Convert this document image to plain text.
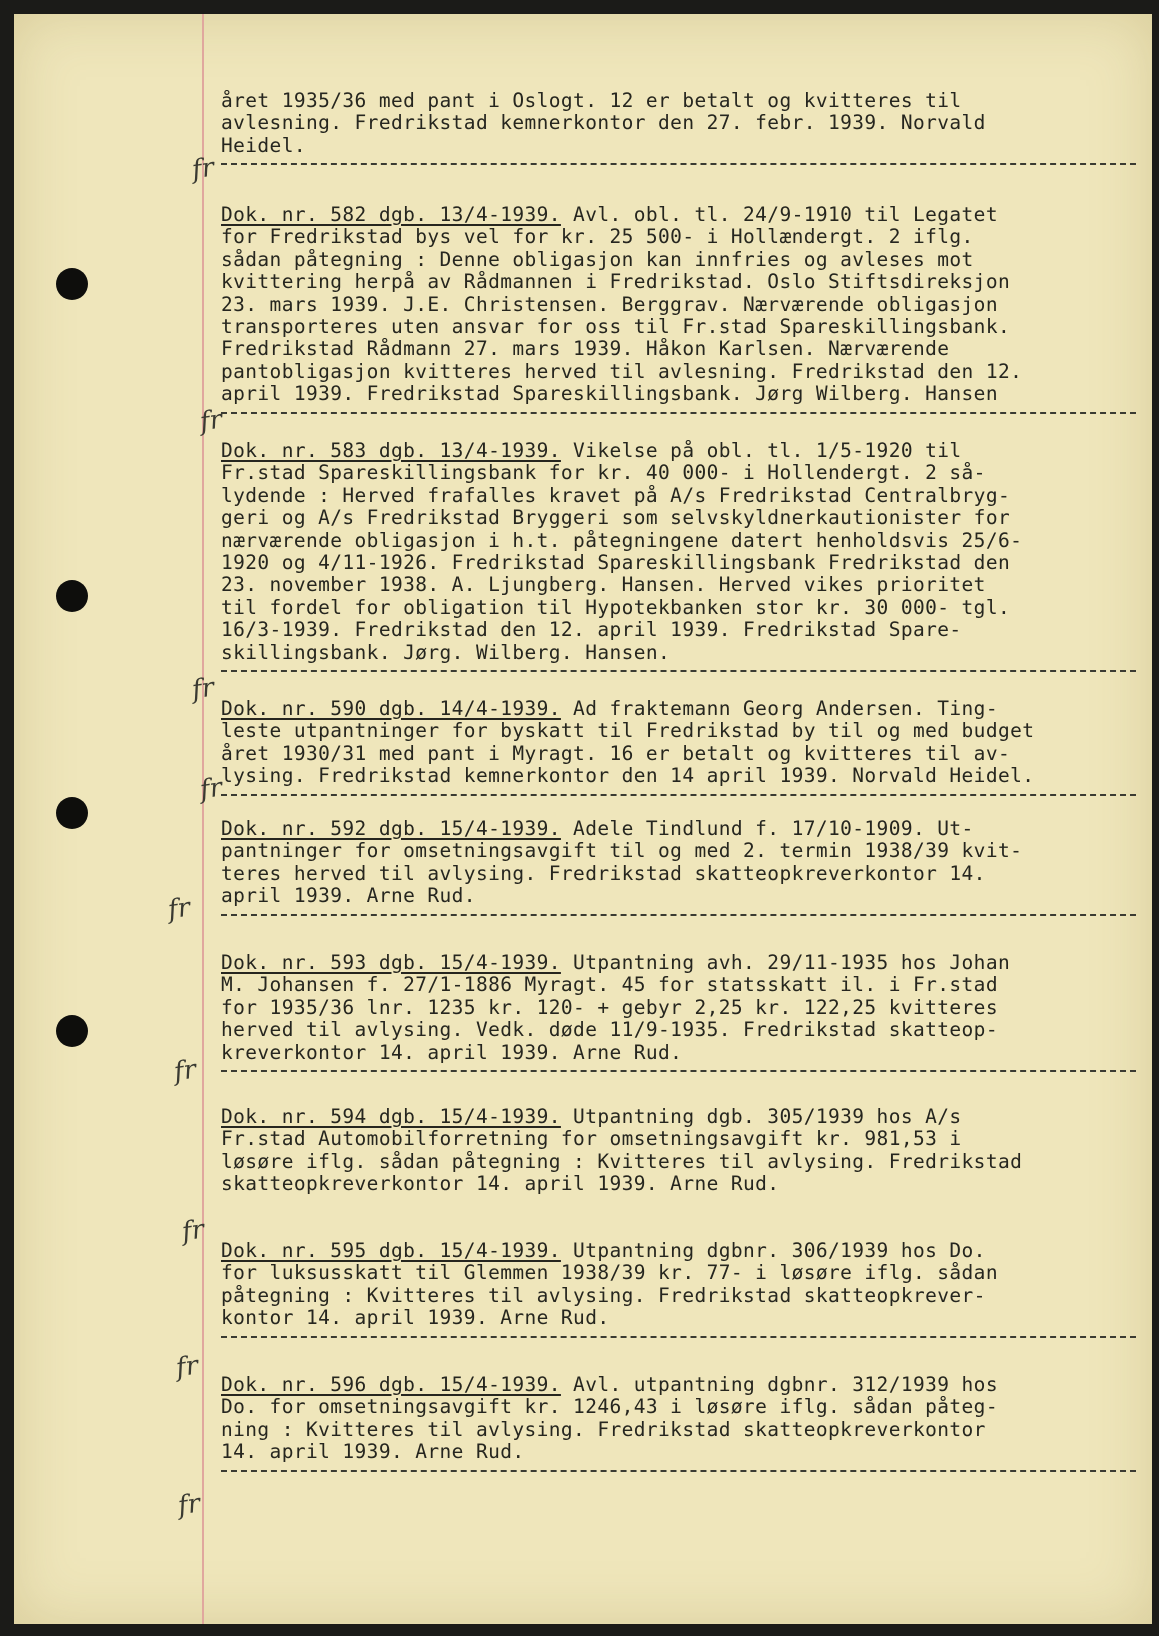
året 1935/36 med pant i Oslogt. 12 er betalt og kvitteres til
avlesning. Fredrikstad kemnerkontor den 27. febr. 1939. Norvald
Heidel.
Dok. nr. 582 dgb. 13/4-1939. Avl. obl. tl. 24/9-1910 til Legatet
for Fredrikstad bys vel for kr. 25 500- i Hollændergt. 2 iflg.
sådan påtegning : Denne obligasjon kan innfries og avleses mot
kvittering herpå av Rådmannen i Fredrikstad. Oslo Stiftsdireksjon
23. mars 1939. J.E. Christensen. Berggrav. Nærværende obligasjon
transporteres uten ansvar for oss til Fr.stad Spareskillingsbank.
Fredrikstad Rådmann 27. mars 1939. Håkon Karlsen. Nærværende
pantobligasjon kvitteres herved til avlesning. Fredrikstad den 12.
april 1939. Fredrikstad Spareskillingsbank. Jørg Wilberg. Hansen
Dok. nr. 583 dgb. 13/4-1939. Vikelse på obl. tl. 1/5-1920 til
Fr.stad Spareskillingsbank for kr. 40 000- i Hollendergt. 2 så-
lydende : Herved frafalles kravet på A/s Fredrikstad Centralbryg-
geri og A/s Fredrikstad Bryggeri som selvskyldnerkautionister for
nærværende obligasjon i h.t. påtegningene datert henholdsvis 25/6-
1920 og 4/11-1926. Fredrikstad Spareskillingsbank Fredrikstad den
23. november 1938. A. Ljungberg. Hansen. Herved vikes prioritet
til fordel for obligation til Hypotekbanken stor kr. 30 000- tgl.
16/3-1939. Fredrikstad den 12. april 1939. Fredrikstad Spare-
skillingsbank. Jørg. Wilberg. Hansen.
Dok. nr. 590 dgb. 14/4-1939. Ad fraktemann Georg Andersen. Ting-
leste utpantninger for byskatt til Fredrikstad by til og med budget
året 1930/31 med pant i Myragt. 16 er betalt og kvitteres til av-
lysing. Fredrikstad kemnerkontor den 14 april 1939. Norvald Heidel.
Dok. nr. 592 dgb. 15/4-1939. Adele Tindlund f. 17/10-1909. Ut-
pantninger for omsetningsavgift til og med 2. termin 1938/39 kvit-
teres herved til avlysing. Fredrikstad skatteopkreverkontor 14.
april 1939. Arne Rud.
Dok. nr. 593 dgb. 15/4-1939. Utpantning avh. 29/11-1935 hos Johan
M. Johansen f. 27/1-1886 Myragt. 45 for statsskatt il. i Fr.stad
for 1935/36 lnr. 1235 kr. 120- + gebyr 2,25 kr. 122,25 kvitteres
herved til avlysing. Vedk. døde 11/9-1935. Fredrikstad skatteop-
kreverkontor 14. april 1939. Arne Rud.
Dok. nr. 594 dgb. 15/4-1939. Utpantning dgb. 305/1939 hos A/s
Fr.stad Automobilforretning for omsetningsavgift kr. 981,53 i
løsøre iflg. sådan påtegning : Kvitteres til avlysing. Fredrikstad
skatteopkreverkontor 14. april 1939. Arne Rud.
Dok. nr. 595 dgb. 15/4-1939. Utpantning dgbnr. 306/1939 hos Do.
for luksusskatt til Glemmen 1938/39 kr. 77- i løsøre iflg. sådan
påtegning : Kvitteres til avlysing. Fredrikstad skatteopkrever-
kontor 14. april 1939. Arne Rud.
Dok. nr. 596 dgb. 15/4-1939. Avl. utpantning dgbnr. 312/1939 hos
Do. for omsetningsavgift kr. 1246,43 i løsøre iflg. sådan påteg-
ning : Kvitteres til avlysing. Fredrikstad skatteopkreverkontor
14. april 1939. Arne Rud.
fr
fr
fr
fr
fr
fr
fr
fr
fr
